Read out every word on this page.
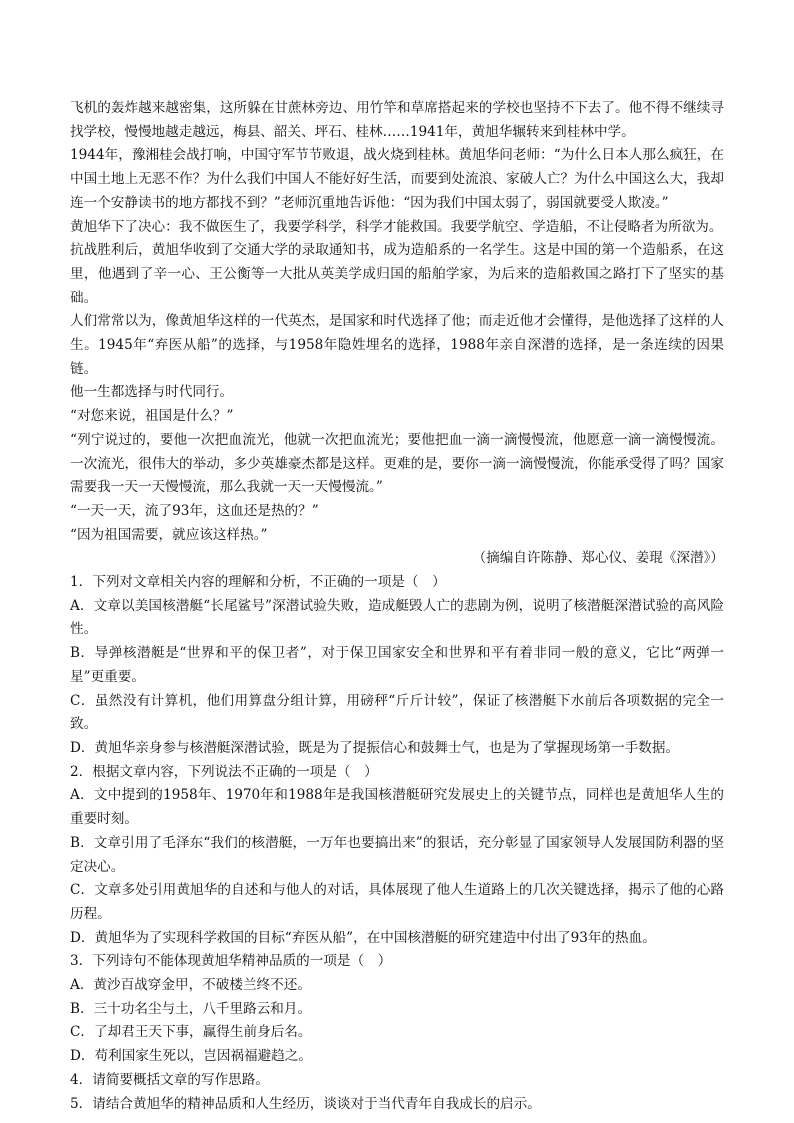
飞机的轰炸越来越密集，这所躲在甘蔗林旁边、用竹竿和草席搭起来的学校也坚持不下去了。他不得不继续寻找学校，慢慢地越走越远，梅县、韶关、坪石、桂林……1941年，黄旭华辗转来到桂林中学。

1944年，豫湘桂会战打响，中国守军节节败退，战火烧到桂林。黄旭华问老师：“为什么日本人那么疯狂，在中国土地上无恶不作？为什么我们中国人不能好好生活，而要到处流浪、家破人亡？为什么中国这么大，我却连一个安静读书的地方都找不到？”老师沉重地告诉他：“因为我们中国太弱了，弱国就要受人欺凌。”

黄旭华下了决心：我不做医生了，我要学科学，科学才能救国。我要学航空、学造船，不让侵略者为所欲为。

抗战胜利后，黄旭华收到了交通大学的录取通知书，成为造船系的一名学生。这是中国的第一个造船系，在这里，他遇到了辛一心、王公衡等一大批从英美学成归国的船舶学家，为后来的造船救国之路打下了坚实的基础。

人们常常以为，像黄旭华这样的一代英杰，是国家和时代选择了他；而走近他才会懂得，是他选择了这样的人生。1945年“弃医从船”的选择，与1958年隐姓埋名的选择，1988年亲自深潜的选择，是一条连续的因果链。

他一生都选择与时代同行。

“对您来说，祖国是什么？”

“列宁说过的，要他一次把血流光，他就一次把血流光；要他把血一滴一滴慢慢流，他愿意一滴一滴慢慢流。一次流光，很伟大的举动，多少英雄豪杰都是这样。更难的是，要你一滴一滴慢慢流，你能承受得了吗？国家需要我一天一天慢慢流，那么我就一天一天慢慢流。”

“一天一天，流了93年，这血还是热的？”

“因为祖国需要，就应该这样热。”

（摘编自许陈静、郑心仪、姜琨《深潜》）

1．下列对文章相关内容的理解和分析，不正确的一项是（　）

A．文章以美国核潜艇“长尾鲨号”深潜试验失败，造成艇毁人亡的悲剧为例，说明了核潜艇深潜试验的高风险性。

B．导弹核潜艇是“世界和平的保卫者”，对于保卫国家安全和世界和平有着非同一般的意义，它比“两弹一星”更重要。

C．虽然没有计算机，他们用算盘分组计算，用磅秤“斤斤计较”，保证了核潜艇下水前后各项数据的完全一致。

D．黄旭华亲身参与核潜艇深潜试验，既是为了提振信心和鼓舞士气，也是为了掌握现场第一手数据。

2．根据文章内容，下列说法不正确的一项是（　）

A．文中提到的1958年、1970年和1988年是我国核潜艇研究发展史上的关键节点，同样也是黄旭华人生的重要时刻。

B．文章引用了毛泽东“我们的核潜艇，一万年也要搞出来”的狠话，充分彰显了国家领导人发展国防利器的坚定决心。

C．文章多处引用黄旭华的自述和与他人的对话，具体展现了他人生道路上的几次关键选择，揭示了他的心路历程。

D．黄旭华为了实现科学救国的目标“弃医从船”，在中国核潜艇的研究建造中付出了93年的热血。

3．下列诗句不能体现黄旭华精神品质的一项是（　）

A．黄沙百战穿金甲，不破楼兰终不还。

B．三十功名尘与土，八千里路云和月。

C．了却君王天下事，赢得生前身后名。

D．苟利国家生死以，岂因祸福避趋之。

4．请简要概括文章的写作思路。

5．请结合黄旭华的精神品质和人生经历，谈谈对于当代青年自我成长的启示。
